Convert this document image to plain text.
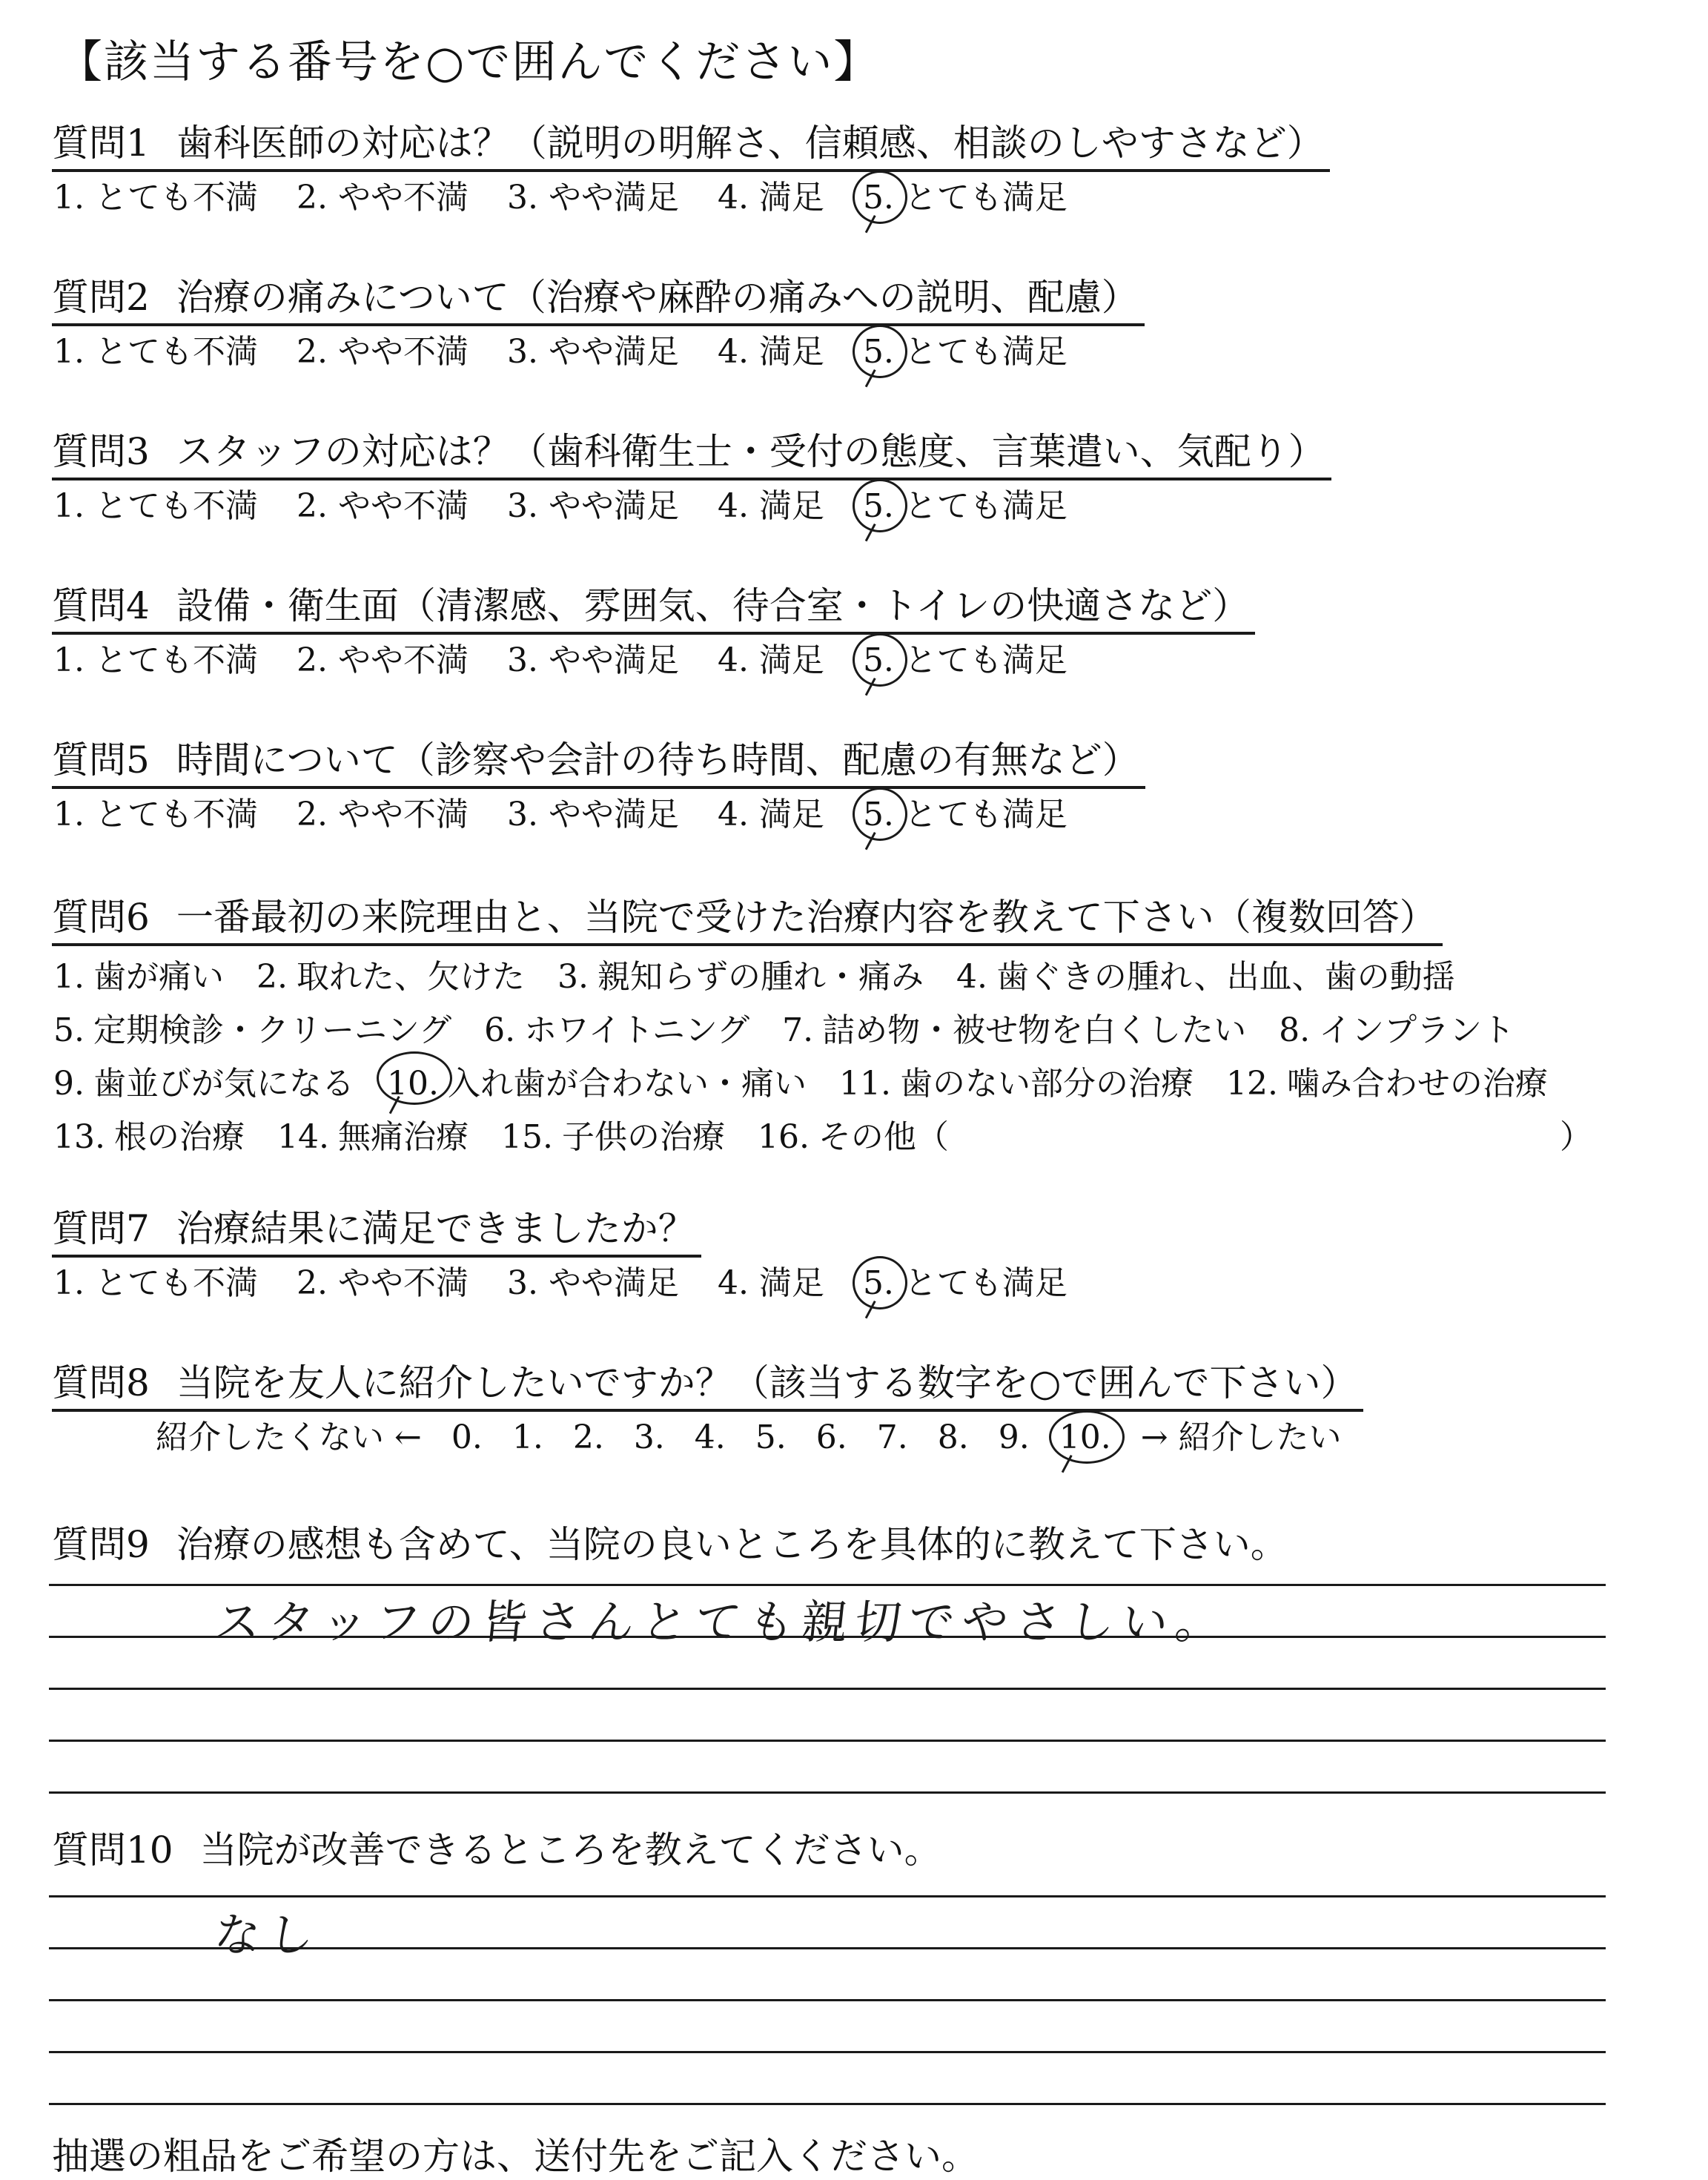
【該当する番号を○で囲んでください】
質問1 歯科医師の対応は？（説明の明解さ、信頼感、相談のしやすさなど）
1. とても不満 2. やや不満 3. やや満足 4. 満足 5. とても満足
質問2 治療の痛みについて（治療や麻酔の痛みへの説明、配慮）
1. とても不満 2. やや不満 3. やや満足 4. 満足 5. とても満足
質問3 スタッフの対応は？（歯科衛生士・受付の態度、言葉遣い、気配り）
1. とても不満 2. やや不満 3. やや満足 4. 満足 5. とても満足
質問4 設備・衛生面（清潔感、雰囲気、待合室・トイレの快適さなど）
1. とても不満 2. やや不満 3. やや満足 4. 満足 5. とても満足
質問5 時間について（診察や会計の待ち時間、配慮の有無など）
1. とても不満 2. やや不満 3. やや満足 4. 満足 5. とても満足
質問6 一番最初の来院理由と、当院で受けた治療内容を教えて下さい（複数回答）
1. 歯が痛い 2. 取れた、欠けた 3. 親知らずの腫れ・痛み 4. 歯ぐきの腫れ、出血、歯の動揺
5. 定期検診・クリーニング 6. ホワイトニング 7. 詰め物・被せ物を白くしたい 8. インプラント
9. 歯並びが気になる 10. 入れ歯が合わない・痛い 11. 歯のない部分の治療 12. 噛み合わせの治療
13. 根の治療 14. 無痛治療 15. 子供の治療 16. その他（	）
質問7 治療結果に満足できましたか？
1. とても不満 2. やや不満 3. やや満足 4. 満足 5. とても満足
質問8 当院を友人に紹介したいですか？（該当する数字を○で囲んで下さい）
紹介したくない ← 0. 1. 2. 3. 4. 5. 6. 7. 8. 9. 10. → 紹介したい
質問9 治療の感想も含めて、当院の良いところを具体的に教えて下さい。
スタッフの皆さんとても親切でやさしい。
質問10 当院が改善できるところを教えてください。
なし
抽選の粗品をご希望の方は、送付先をご記入ください。
